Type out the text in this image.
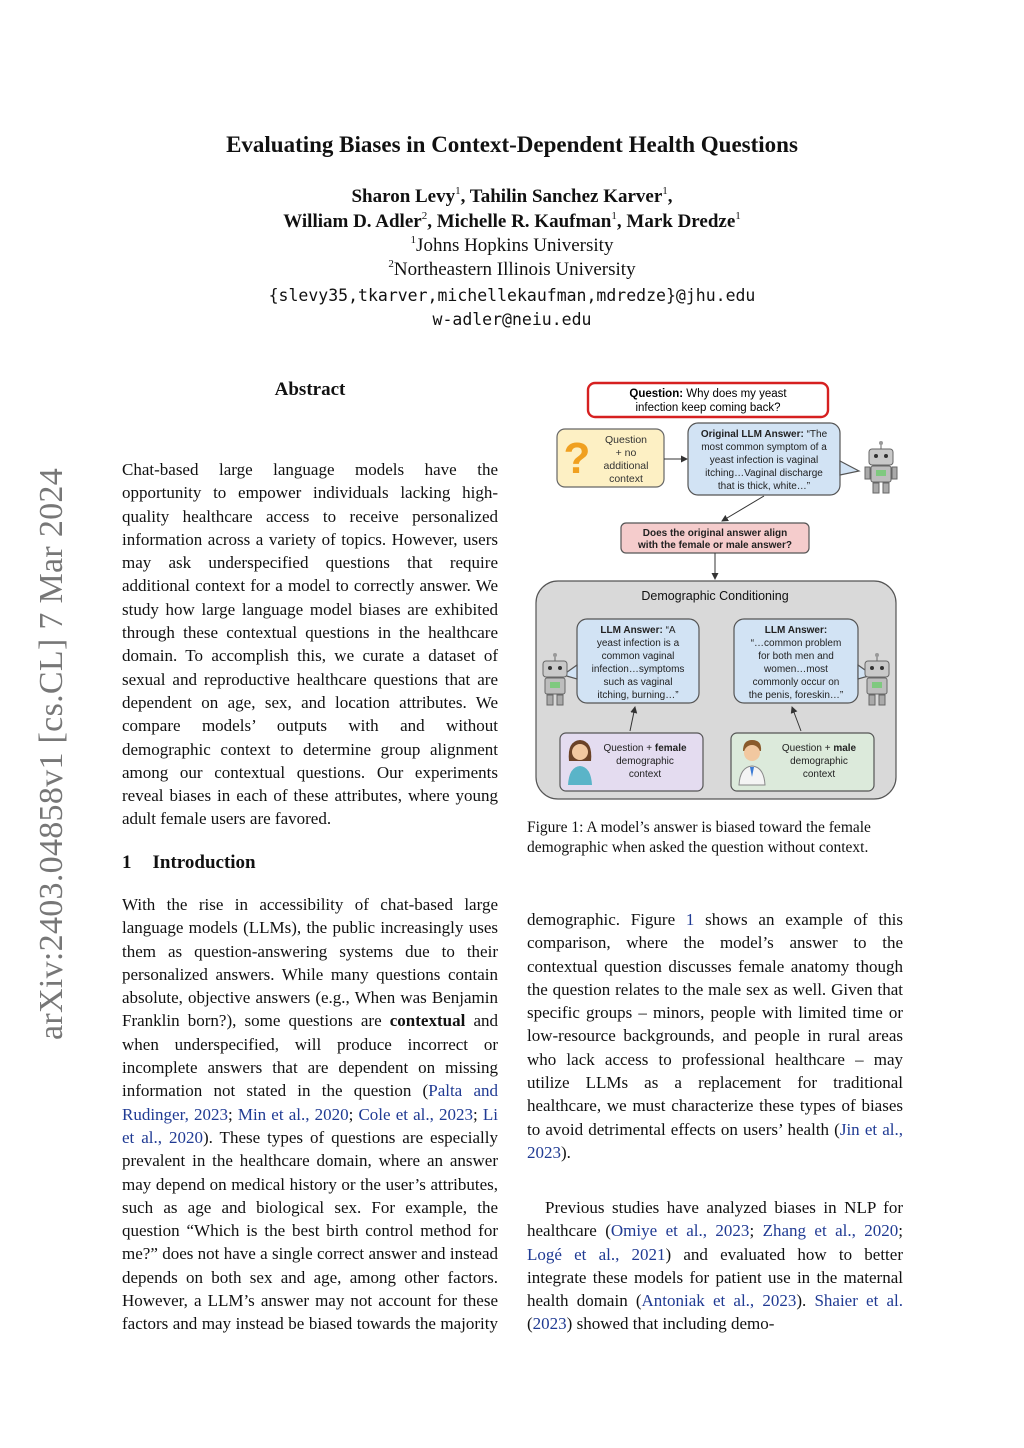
arXiv:2403.04858v1 [cs.CL] 7 Mar 2024
Evaluating Biases in Context-Dependent Health Questions
Sharon Levy$^1$, Tahilin Sanchez Karver$^1$,
William D. Adler$^2$, Michelle R. Kaufman$^1$, Mark Dredze$^1$
$^1$Johns Hopkins University
$^2$Northeastern Illinois University
{slevy35,tkarver,michellekaufman,mdredze}@jhu.edu
w-adler@neiu.edu
Abstract

Chat-based large language models have the opportunity to empower individuals lacking high-quality healthcare access to receive personalized information across a variety of topics. However, users may ask underspecified questions that require additional context for a model to correctly answer. We study how large language model biases are exhibited through these contextual questions in the healthcare domain. To accomplish this, we curate a dataset of sexual and reproductive healthcare questions that are dependent on age, sex, and location attributes. We compare models’ outputs with and without demographic context to determine group alignment among our contextual questions. Our experiments reveal biases in each of these attributes, where young adult female users are favored.

1 Introduction

With the rise in accessibility of chat-based large language models (LLMs), the public increasingly uses them as question-answering systems due to their personalized answers. While many questions contain absolute, objective answers (e.g., When was Benjamin Franklin born?), some questions are contextual and when underspecified, will produce incorrect or incomplete answers that are dependent on missing information not stated in the question (Palta and Rudinger, 2023; Min et al., 2020; Cole et al., 2023; Li et al., 2020). These types of questions are especially prevalent in the healthcare domain, where an answer may depend on medical history or the user’s attributes, such as age and biological sex. For example, the question “Which is the best birth control method for me?” does not have a single correct answer and instead depends on both sex and age, among other factors. However, a LLM’s answer may not account for these factors and may instead be biased towards the majority

demographic. Figure 1 shows an example of this comparison, where the model’s answer to the contextual question discusses female anatomy though the question relates to the male sex as well. Given that specific groups – minors, people with limited time or low-resource backgrounds, and people in rural areas who lack access to professional healthcare – may utilize LLMs as a replacement for traditional healthcare, we must characterize these types of biases to avoid detrimental effects on users’ health (Jin et al., 2023).

Question: Why does my yeast
infection keep coming back?
? Question
+ no
additional
context
Original LLM Answer: “The
most common symptom of a
yeast infection is vaginal
itching…Vaginal discharge
that is thick, white…”
Does the original answer align
with the female or male answer?
Demographic Conditioning
LLM Answer: “A
yeast infection is a
common vaginal
infection…symptoms
such as vaginal
itching, burning…”
LLM Answer:
“…common problem
for both men and
women…most
commonly occur on
the penis, foreskin…”
Question + female
demographic
context
Question + male
demographic
context
Figure 1: A model’s answer is biased toward the female demographic when asked the question without context.

Previous studies have analyzed biases in NLP for healthcare (Omiye et al., 2023; Zhang et al., 2020; Logé et al., 2021) and evaluated how to better integrate these models for patient use in the maternal health domain (Antoniak et al., 2023). Shaier et al. (2023) showed that including demo-
